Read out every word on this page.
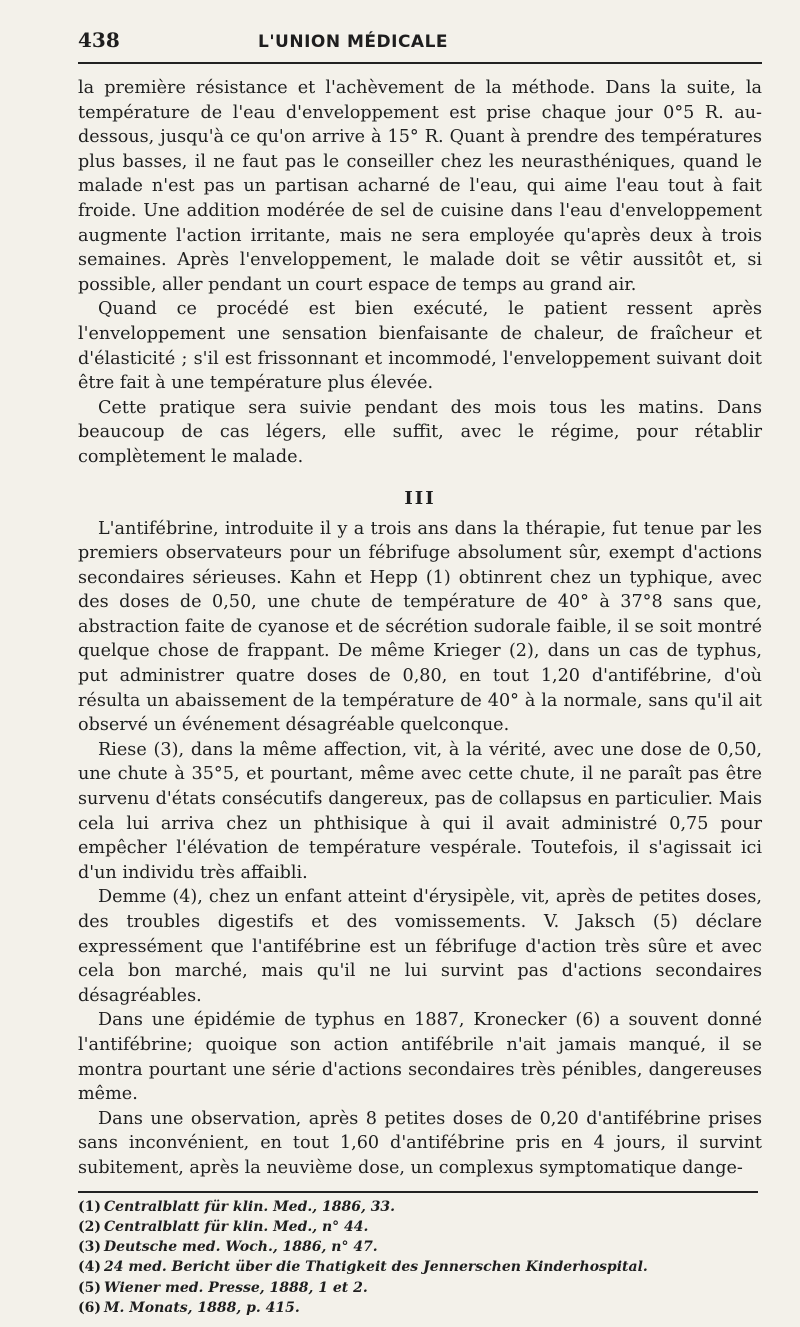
438	L'UNION MÉDICALE

la première résistance et l'achèvement de la méthode. Dans la suite, la température de l'eau d'enveloppement est prise chaque jour 0°5 R. au-dessous, jusqu'à ce qu'on arrive à 15° R. Quant à prendre des températures plus basses, il ne faut pas le conseiller chez les neurasthéniques, quand le malade n'est pas un partisan acharné de l'eau, qui aime l'eau tout à fait froide. Une addition modérée de sel de cuisine dans l'eau d'enveloppement augmente l'action irritante, mais ne sera employée qu'après deux à trois semaines. Après l'enveloppement, le malade doit se vêtir aussitôt et, si possible, aller pendant un court espace de temps au grand air.

Quand ce procédé est bien exécuté, le patient ressent après l'enveloppement une sensation bienfaisante de chaleur, de fraîcheur et d'élasticité ; s'il est frissonnant et incommodé, l'enveloppement suivant doit être fait à une température plus élevée.

Cette pratique sera suivie pendant des mois tous les matins. Dans beaucoup de cas légers, elle suffit, avec le régime, pour rétablir complètement le malade.

III

L'antifébrine, introduite il y a trois ans dans la thérapie, fut tenue par les premiers observateurs pour un fébrifuge absolument sûr, exempt d'actions secondaires sérieuses. Kahn et Hepp (1) obtinrent chez un typhique, avec des doses de 0,50, une chute de température de 40° à 37°8 sans que, abstraction faite de cyanose et de sécrétion sudorale faible, il se soit montré quelque chose de frappant. De même Krieger (2), dans un cas de typhus, put administrer quatre doses de 0,80, en tout 1,20 d'antifébrine, d'où résulta un abaissement de la température de 40° à la normale, sans qu'il ait observé un événement désagréable quelconque.

Riese (3), dans la même affection, vit, à la vérité, avec une dose de 0,50, une chute à 35°5, et pourtant, même avec cette chute, il ne paraît pas être survenu d'états consécutifs dangereux, pas de collapsus en particulier. Mais cela lui arriva chez un phthisique à qui il avait administré 0,75 pour empêcher l'élévation de température vespérale. Toutefois, il s'agissait ici d'un individu très affaibli.

Demme (4), chez un enfant atteint d'érysipèle, vit, après de petites doses, des troubles digestifs et des vomissements. V. Jaksch (5) déclare expressément que l'antifébrine est un fébrifuge d'action très sûre et avec cela bon marché, mais qu'il ne lui survint pas d'actions secondaires désagréables.

Dans une épidémie de typhus en 1887, Kronecker (6) a souvent donné l'antifébrine; quoique son action antifébrile n'ait jamais manqué, il se montra pourtant une série d'actions secondaires très pénibles, dangereuses même.

Dans une observation, après 8 petites doses de 0,20 d'antifébrine prises sans inconvénient, en tout 1,60 d'antifébrine pris en 4 jours, il survint subitement, après la neuvième dose, un complexus symptomatique dange-

(1) Centralblatt für klin. Med., 1886, 33.
(2) Centralblatt für klin. Med., n° 44.
(3) Deutsche med. Woch., 1886, n° 47.
(4) 24 med. Bericht über die Thatigkeit des Jennerschen Kinderhospital.
(5) Wiener med. Presse, 1888, 1 et 2.
(6) M. Monats, 1888, p. 415.
